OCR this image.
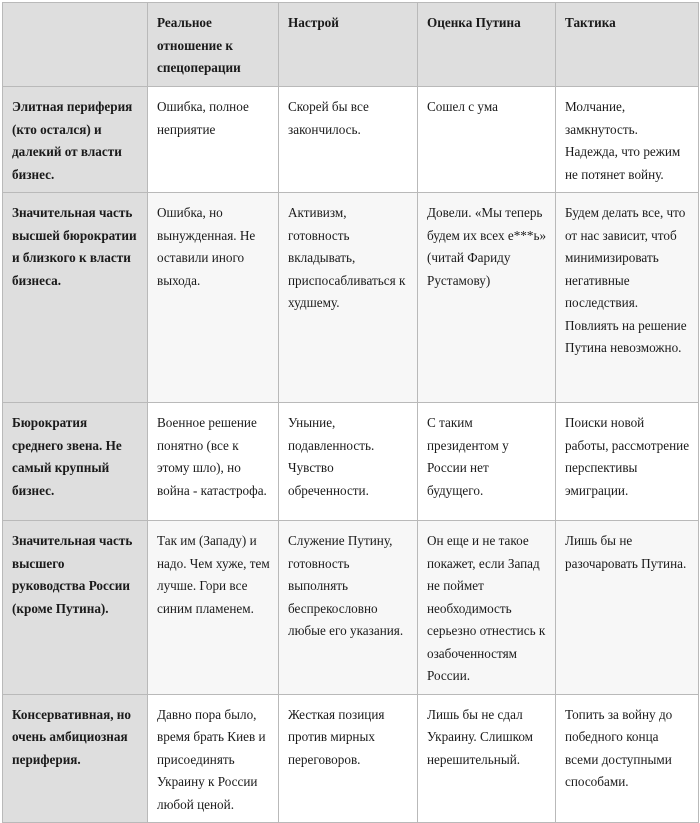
	Реальное отношение к спецоперации	Настрой	Оценка Путина	Тактика
Элитная периферия (кто остался) и далекий от власти бизнес.	Ошибка, полное неприятие	Скорей бы все закончилось.	Сошел с ума	Молчание, замкнутость. Надежда, что режим не потянет войну.
Значительная часть высшей бюрократии и близкого к власти бизнеса.	Ошибка, но вынужденная. Не оставили иного выхода.	Активизм, готовность вкладывать, приспосабливаться к худшему.	Довели. «Мы теперь будем их всех е***ь» (читай Фариду Рустамову)	Будем делать все, что от нас зависит, чтоб минимизировать негативные последствия. Повлиять на решение Путина невозможно.
Бюрократия среднего звена. Не самый крупный бизнес.	Военное решение понятно (все к этому шло), но война - катастрофа.	Уныние, подавленность. Чувство обреченности.	С таким президентом у России нет будущего.	Поиски новой работы, рассмотрение перспективы эмиграции.
Значительная часть высшего руководства России (кроме Путина).	Так им (Западу) и надо. Чем хуже, тем лучше. Гори все синим пламенем.	Служение Путину, готовность выполнять беспрекословно любые его указания.	Он еще и не такое покажет, если Запад не поймет необходимость серьезно отнестись к озабоченностям России.	Лишь бы не разочаровать Путина.
Консервативная, но очень амбициозная периферия.	Давно пора было, время брать Киев и присоединять Украину к России любой ценой.	Жесткая позиция против мирных переговоров.	Лишь бы не сдал Украину. Слишком нерешительный.	Топить за войну до победного конца всеми доступными способами.
